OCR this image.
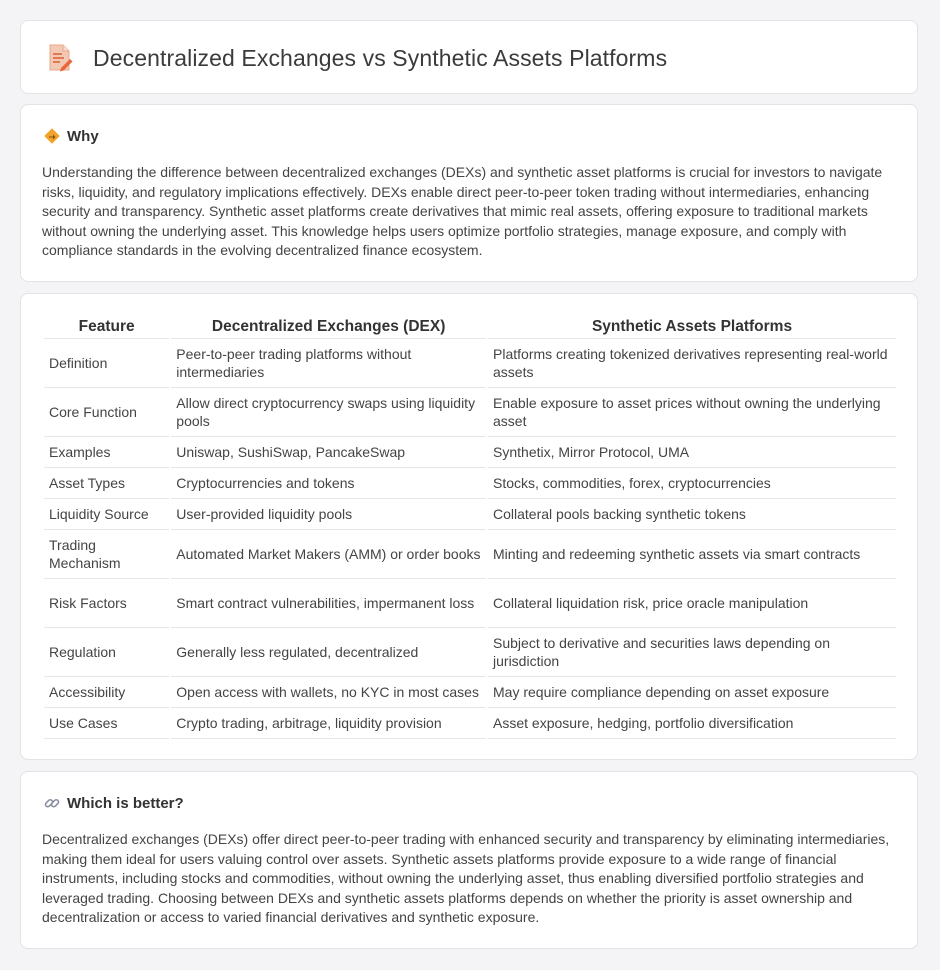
Decentralized Exchanges vs Synthetic Assets Platforms
Why

Understanding the difference between decentralized exchanges (DEXs) and synthetic asset platforms is crucial for investors to navigate risks, liquidity, and regulatory implications effectively. DEXs enable direct peer-to-peer token trading without intermediaries, enhancing security and transparency. Synthetic asset platforms create derivatives that mimic real assets, offering exposure to traditional markets without owning the underlying asset. This knowledge helps users optimize portfolio strategies, manage exposure, and comply with compliance standards in the evolving decentralized finance ecosystem.

Feature	Decentralized Exchanges (DEX)	Synthetic Assets Platforms
Definition	Peer-to-peer trading platforms without intermediaries	Platforms creating tokenized derivatives representing real-world assets
Core Function	Allow direct cryptocurrency swaps using liquidity pools	Enable exposure to asset prices without owning the underlying asset
Examples	Uniswap, SushiSwap, PancakeSwap	Synthetix, Mirror Protocol, UMA
Asset Types	Cryptocurrencies and tokens	Stocks, commodities, forex, cryptocurrencies
Liquidity Source	User-provided liquidity pools	Collateral pools backing synthetic tokens
Trading Mechanism	Automated Market Makers (AMM) or order books	Minting and redeeming synthetic assets via smart contracts
Risk Factors	Smart contract vulnerabilities, impermanent loss	Collateral liquidation risk, price oracle manipulation
Regulation	Generally less regulated, decentralized	Subject to derivative and securities laws depending on jurisdiction
Accessibility	Open access with wallets, no KYC in most cases	May require compliance depending on asset exposure
Use Cases	Crypto trading, arbitrage, liquidity provision	Asset exposure, hedging, portfolio diversification
Which is better?

Decentralized exchanges (DEXs) offer direct peer-to-peer trading with enhanced security and transparency by eliminating intermediaries, making them ideal for users valuing control over assets. Synthetic assets platforms provide exposure to a wide range of financial instruments, including stocks and commodities, without owning the underlying asset, thus enabling diversified portfolio strategies and leveraged trading. Choosing between DEXs and synthetic assets platforms depends on whether the priority is asset ownership and decentralization or access to varied financial derivatives and synthetic exposure.
